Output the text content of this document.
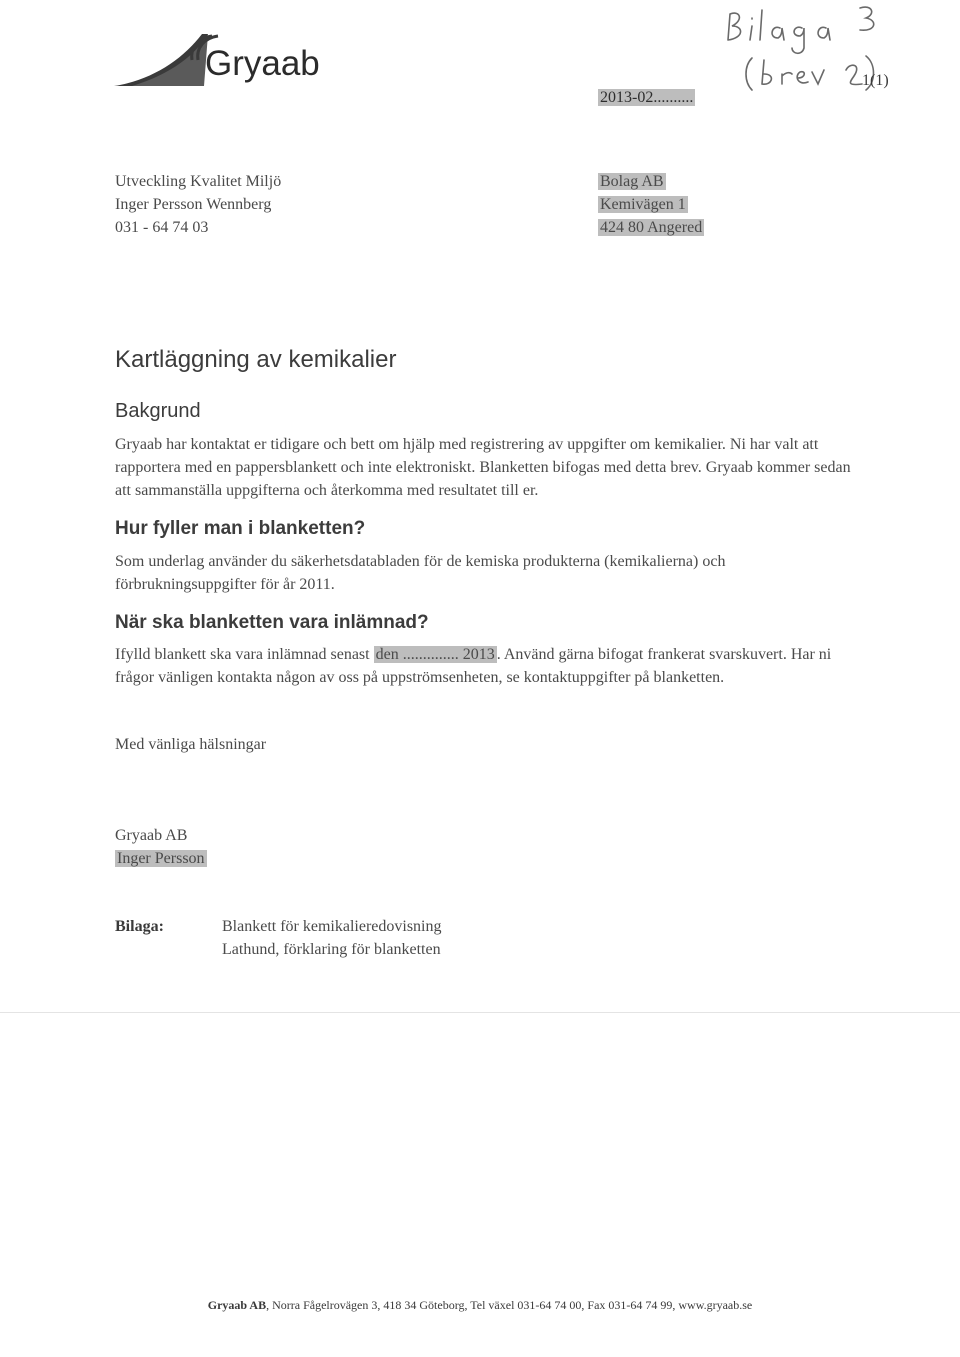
Gryaab	1(1)
2013-02..........
Utveckling Kvalitet Miljö
Inger Persson Wennberg
031 - 64 74 03
Bolag AB
Kemivägen 1
424 80 Angered
Kartläggning av kemikalier
Bakgrund
Gryaab har kontaktat er tidigare och bett om hjälp med registrering av uppgifter om kemikalier. Ni har valt att rapportera med en pappersblankett och inte elektroniskt. Blanketten bifogas med detta brev. Gryaab kommer sedan att sammanställa uppgifterna och återkomma med resultatet till er.
Hur fyller man i blanketten?
Som underlag använder du säkerhetsdatabladen för de kemiska produkterna (kemikalierna) och förbrukningsuppgifter för år 2011.
När ska blanketten vara inlämnad?
Ifylld blankett ska vara inlämnad senast den .............. 2013 . Använd gärna bifogat frankerat svarskuvert. Har ni frågor vänligen kontakta någon av oss på uppströmsenheten, se kontaktuppgifter på blanketten.
Med vänliga hälsningar
Gryaab AB
Inger Persson
Bilaga:	Blankett för kemikalieredovisning
Lathund, förklaring för blanketten
Gryaab AB, Norra Fågelrovägen 3, 418 34 Göteborg, Tel växel 031-64 74 00, Fax 031-64 74 99, www.gryaab.se
